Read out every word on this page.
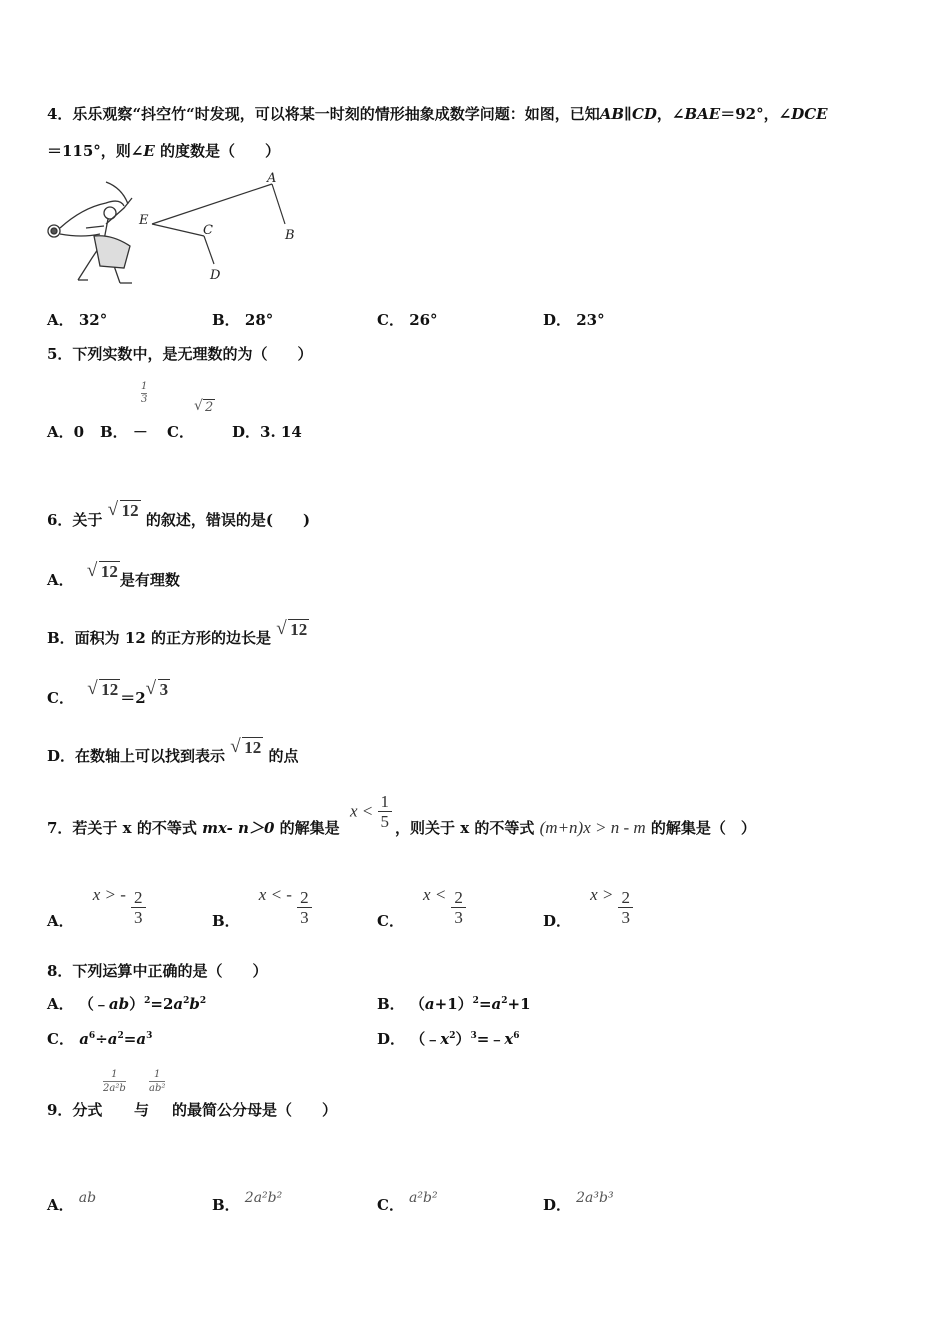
4．乐乐观察“抖空竹“时发现，可以将某一时刻的情形抽象成数学问题：如图，已知AB∥CD，∠BAE＝92°，∠DCE
＝115°，则∠E 的度数是（　　）
A
B
C
D
E
A． 32°	B． 28°	C． 26°	D． 23°
5．下列实数中，是无理数的为（　　）
A．0 B． －
$\frac{1}{3}$
C．
√ 2
D．3. 14
6．关于 √ 12 的叙述，错误的是(　　)
A． √ 12 是有理数
B．面积为 12 的正方形的边长是 √ 12
C． √ 12 ＝2 √ 3
D．在数轴上可以找到表示 √ 12 的点
7．若关于 x 的不等式 mx- n＞0 的解集是
$x < \frac{1}{5}$ ，则关于 x 的不等式 (m+n)x > n - m 的解集是（　）
A． x > - $\frac{2}{3}$	B． x < - $\frac{2}{3}$	C． $x < \frac{2}{3}$	D． $x > \frac{2}{3}$
8．下列运算中正确的是（　　）
A． $(﹣ab)^2=2a^2b^2$	B． $(a+1)^2=a^2+1$
C． $a^6\div a^2=a^3$	D． $(﹣x^2)^3=﹣x^6$
9．分式
$\frac{1}{\text{2a²b}}$
与
$\frac{1}{\text{ab²}}$
的最简公分母是（　　）
A． ab	B． 2a²b²	C． a²b²	D． 2a³b³
